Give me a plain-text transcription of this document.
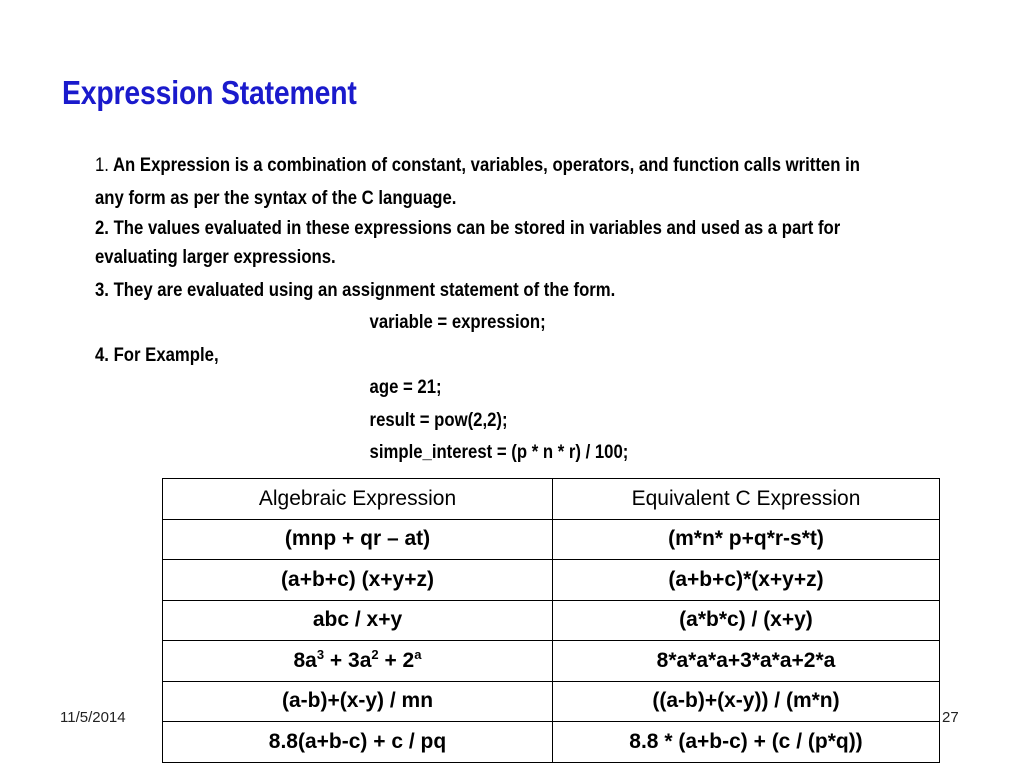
Expression Statement
1. An Expression is a combination of constant, variables, operators, and function calls written in
any form as per the syntax of the C language.
2. The values evaluated in these expressions can be stored in variables and used as a part for
evaluating larger expressions.
3. They are evaluated using an assignment statement of the form.
variable = expression;
4. For Example,
age = 21;
result = pow(2,2);
simple_interest = (p * n * r) / 100;
Algebraic Expression	Equivalent C Expression
(mnp + qr – at)	(m*n* p+q*r-s*t)
(a+b+c) (x+y+z)	(a+b+c)*(x+y+z)
abc / x+y	(a*b*c) / (x+y)
$8a^3 + 3a^2 + 2^a$	8*a*a*a+3*a*a+2*a
(a-b)+(x-y) / mn	((a-b)+(x-y)) / (m*n)
8.8(a+b-c) + c / pq	8.8 * (a+b-c) + (c / (p*q))
11/5/2014	27
